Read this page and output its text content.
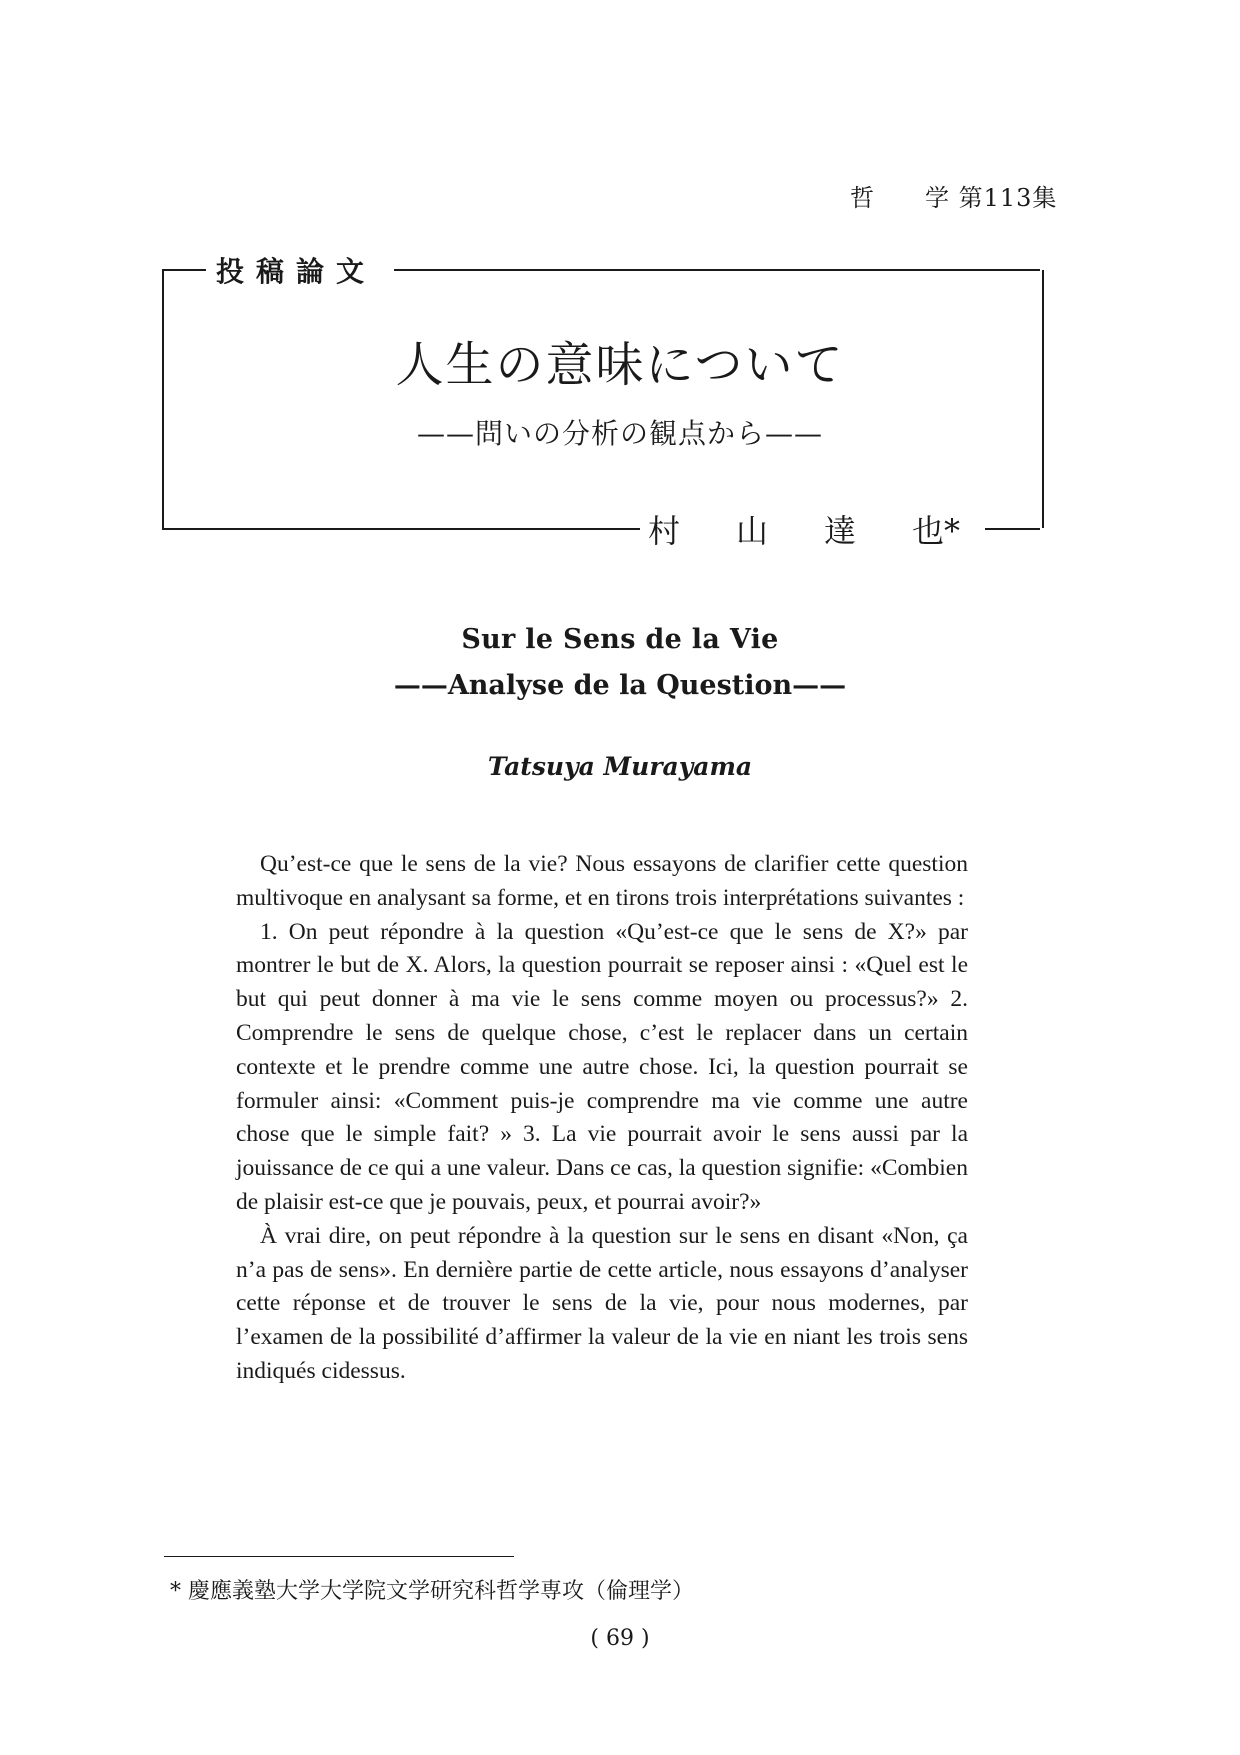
哲 学 第113集
投稿論文
人生の意味について
——問いの分析の観点から——
村 山 達 也*
Sur le Sens de la Vie
——Analyse de la Question——
Tatsuya Murayama

Qu’est-ce que le sens de la vie? Nous essayons de clarifier cette question multivoque en analysant sa forme, et en tirons trois interprétations suivantes :

1. On peut répondre à la question «Qu’est-ce que le sens de X?» par montrer le but de X. Alors, la question pourrait se reposer ainsi : «Quel est le but qui peut donner à ma vie le sens comme moyen ou processus?» 2. Comprendre le sens de quelque chose, c’est le replacer dans un certain contexte et le prendre comme une autre chose. Ici, la question pourrait se formuler ainsi: «Comment puis-je comprendre ma vie comme une autre chose que le simple fait? » 3. La vie pourrait avoir le sens aussi par la jouissance de ce qui a une valeur. Dans ce cas, la question signifie: «Combien de plaisir est-ce que je pouvais, peux, et pourrai avoir?»

À vrai dire, on peut répondre à la question sur le sens en disant «Non, ça n’a pas de sens». En dernière partie de cette article, nous essayons d’analyser cette réponse et de trouver le sens de la vie, pour nous modernes, par l’examen de la possibilité d’affirmer la valeur de la vie en niant les trois sens indiqués cidessus.

* 慶應義塾大学大学院文学研究科哲学専攻（倫理学）
( 69 )
